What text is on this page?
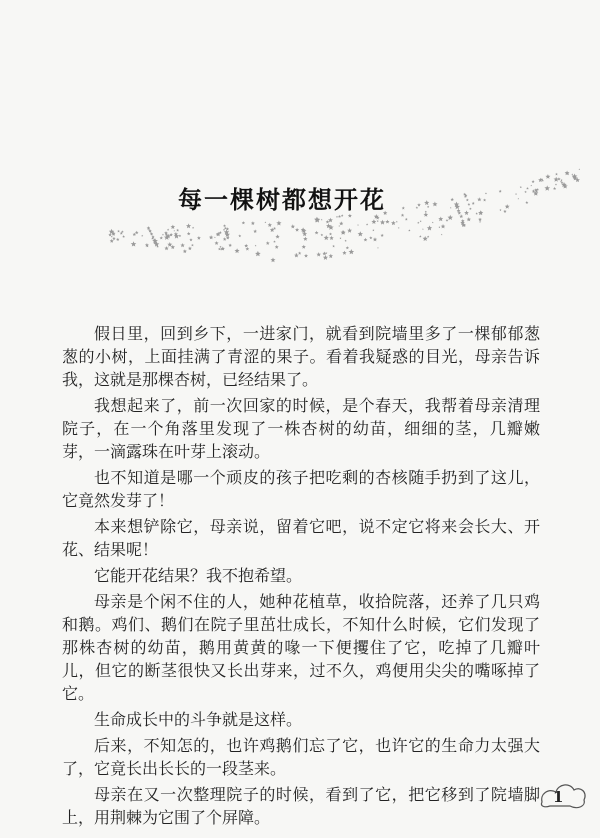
每一棵树都想开花

假日里，回到乡下，一进家门，就看到院墙里多了一棵郁郁葱葱的小树，上面挂满了青涩的果子。看着我疑惑的目光，母亲告诉我，这就是那棵杏树，已经结果了。

我想起来了，前一次回家的时候，是个春天，我帮着母亲清理院子，在一个角落里发现了一株杏树的幼苗，细细的茎，几瓣嫩芽，一滴露珠在叶芽上滚动。

也不知道是哪一个顽皮的孩子把吃剩的杏核随手扔到了这儿，它竟然发芽了！

本来想铲除它，母亲说，留着它吧，说不定它将来会长大、开花、结果呢！

它能开花结果？我不抱希望。

母亲是个闲不住的人，她种花植草，收拾院落，还养了几只鸡和鹅。鸡们、鹅们在院子里茁壮成长，不知什么时候，它们发现了那株杏树的幼苗，鹅用黄黄的喙一下便攫住了它，吃掉了几瓣叶儿，但它的断茎很快又长出芽来，过不久，鸡便用尖尖的嘴啄掉了它。

生命成长中的斗争就是这样。

后来，不知怎的，也许鸡鹅们忘了它，也许它的生命力太强大了，它竟长出长长的一段茎来。

母亲在又一次整理院子的时候，看到了它，把它移到了院墙脚上，用荆棘为它围了个屏障。

1
